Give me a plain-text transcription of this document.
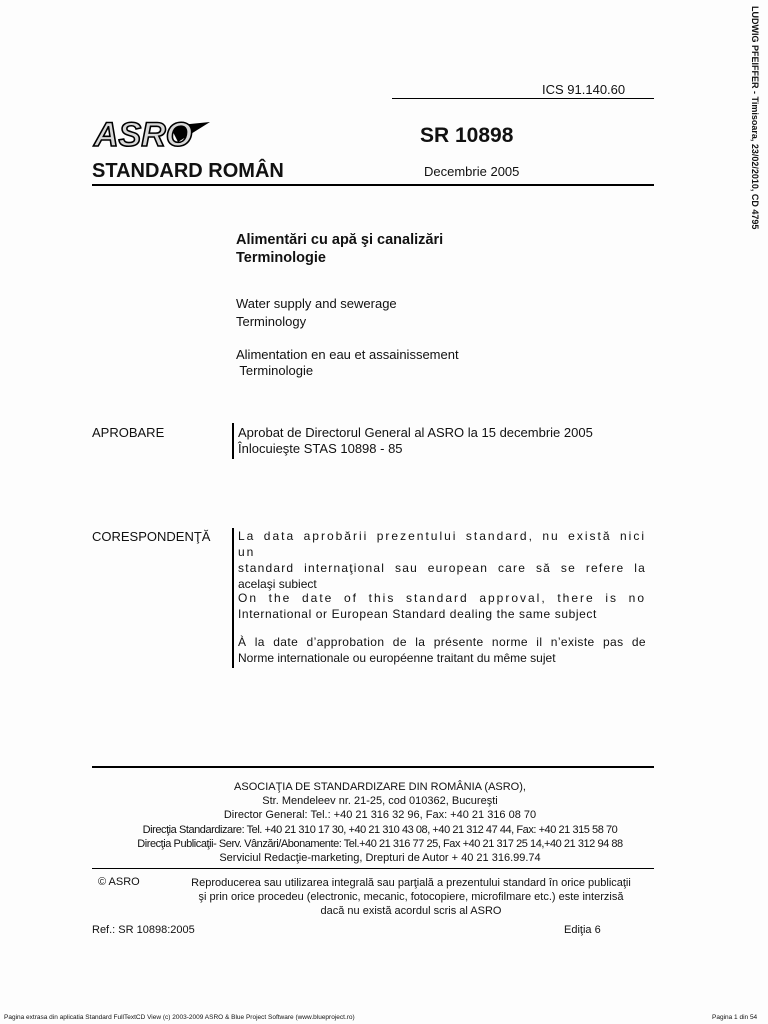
LUDWIG PFEIFFER - Timisoara, 23/02/2010, CD 4795
ICS 91.140.60
ASRO	SR 10898
STANDARD ROMÂN	Decembrie 2005
Alimentări cu apă şi canalizări
Terminologie
Water supply and sewerage
Terminology
Alimentation en eau et assainissement
Terminologie
APROBARE	Aprobat de Directorul General al ASRO la 15 decembrie 2005
Înlocuieşte STAS 10898 - 85
CORESPONDENŢĂ La data aprobării prezentului standard, nu există nici un
standard internaţional sau european care să se refere la
acelaşi subiect
On the date of this standard approval, there is no
International or European Standard dealing the same subject
À la date d’approbation de la présente norme il n’existe pas de
Norme internationale ou européenne traitant du même sujet
ASOCIAŢIA DE STANDARDIZARE DIN ROMÂNIA (ASRO),
Str. Mendeleev nr. 21-25, cod 010362, Bucureşti
Director General: Tel.: +40 21 316 32 96, Fax: +40 21 316 08 70
Direcţia Standardizare: Tel. +40 21 310 17 30, +40 21 310 43 08, +40 21 312 47 44, Fax: +40 21 315 58 70
Direcţia Publicaţii- Serv. Vânzări/Abonamente: Tel.+40 21 316 77 25, Fax +40 21 317 25 14,+40 21 312 94 88
Serviciul Redacţie-marketing, Drepturi de Autor + 40 21 316.99.74
© ASRO	Reproducerea sau utilizarea integrală sau parţială a prezentului standard în orice publicaţii
şi prin orice procedeu (electronic, mecanic, fotocopiere, microfilmare etc.) este interzisă
dacă nu există acordul scris al ASRO
Ref.: SR 10898:2005	Ediţia 6
Pagina extrasa din aplicatia Standard FullTextCD View (c) 2003-2009 ASRO & Blue Project Software (www.blueproject.ro)	Pagina 1 din 54
